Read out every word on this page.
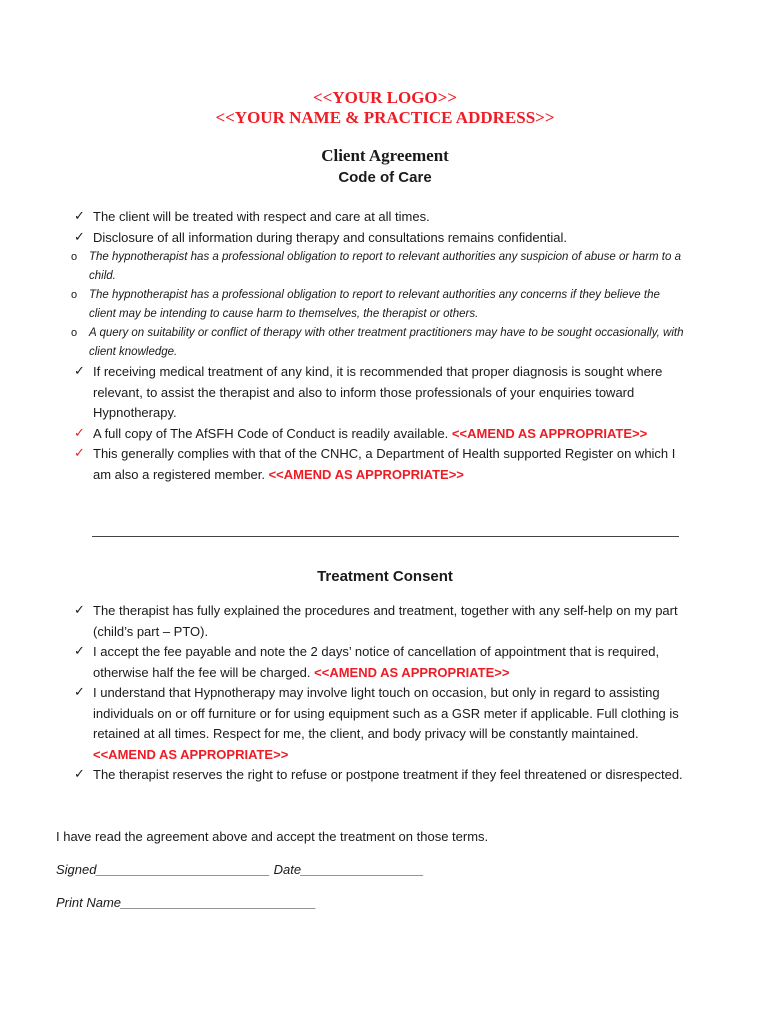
<<YOUR LOGO>>
<<YOUR NAME & PRACTICE ADDRESS>>
Client Agreement
Code of Care
✓ The client will be treated with respect and care at all times.
✓ Disclosure of all information during therapy and consultations remains confidential.
o The hypnotherapist has a professional obligation to report to relevant authorities any suspicion of abuse or harm to a child.
o The hypnotherapist has a professional obligation to report to relevant authorities any concerns if they believe the client may be intending to cause harm to themselves, the therapist or others.
o A query on suitability or conflict of therapy with other treatment practitioners may have to be sought occasionally, with client knowledge.
✓ If receiving medical treatment of any kind, it is recommended that proper diagnosis is sought where relevant, to assist the therapist and also to inform those professionals of your enquiries toward Hypnotherapy.
✓ A full copy of The AfSFH Code of Conduct is readily available. <<AMEND AS APPROPRIATE>>
✓ This generally complies with that of the CNHC, a Department of Health supported Register on which I am also a registered member. <<AMEND AS APPROPRIATE>>
Treatment Consent
✓ The therapist has fully explained the procedures and treatment, together with any self-help on my part (child’s part – PTO).
✓ I accept the fee payable and note the 2 days’ notice of cancellation of appointment that is required, otherwise half the fee will be charged. <<AMEND AS APPROPRIATE>>
✓ I understand that Hypnotherapy may involve light touch on occasion, but only in regard to assisting individuals on or off furniture or for using equipment such as a GSR meter if applicable. Full clothing is retained at all times. Respect for me, the client, and body privacy will be constantly maintained. <<AMEND AS APPROPRIATE>>
✓ The therapist reserves the right to refuse or postpone treatment if they feel threatened or disrespected.
I have read the agreement above and accept the treatment on those terms.
Signed________________________ Date_________________
Print Name___________________________
